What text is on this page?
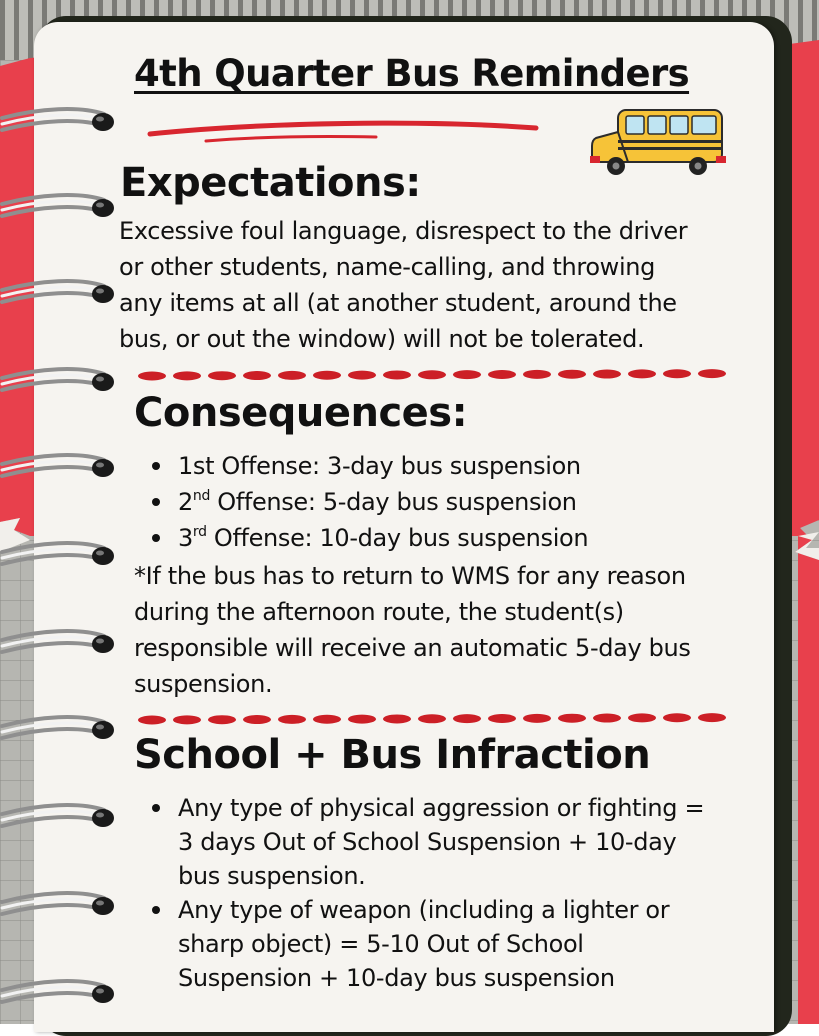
4th Quarter Bus Reminders
Expectations:
Excessive foul language, disrespect to the driver
or other students, name-calling, and throwing
any items at all (at another student, around the
bus, or out the window) will not be tolerated.
Consequences:
1st Offense: 3-day bus suspension
2nd Offense: 5-day bus suspension
3rd Offense: 10-day bus suspension
*If the bus has to return to WMS for any reason
during the afternoon route, the student(s)
responsible will receive an automatic 5-day bus
suspension.
School + Bus Infraction
Any type of physical aggression or fighting =
3 days Out of School Suspension + 10-day
bus suspension.
Any type of weapon (including a lighter or
sharp object) = 5-10 Out of School
Suspension + 10-day bus suspension
